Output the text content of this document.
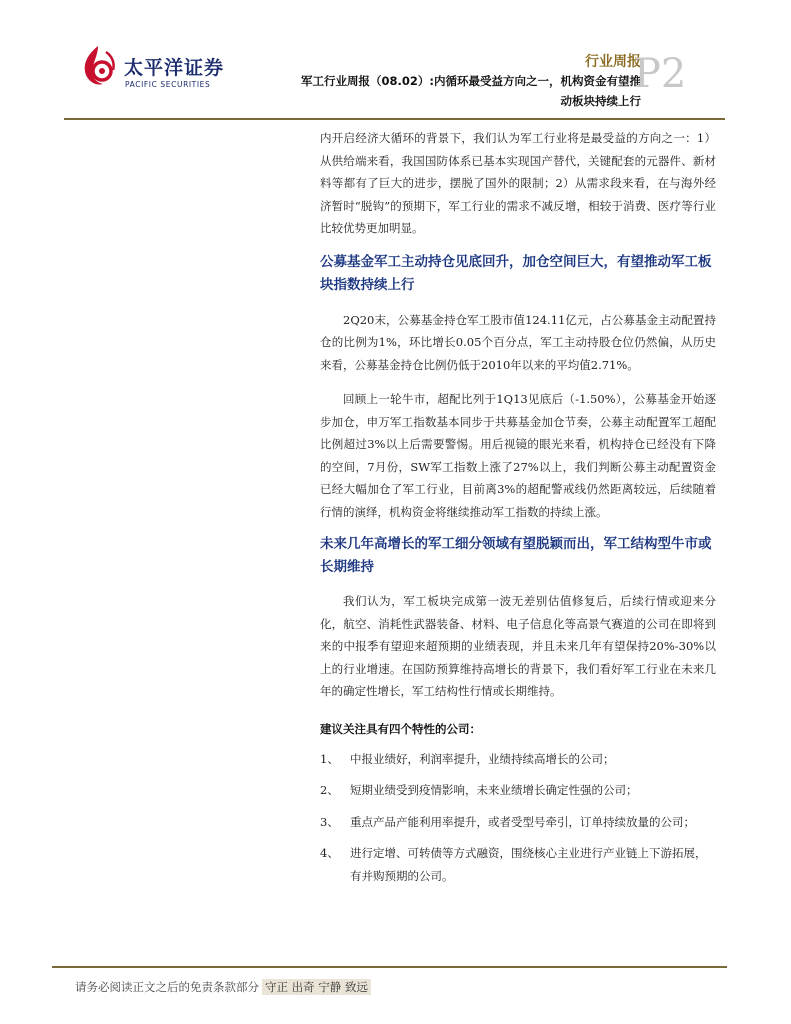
太平洋证券
PACIFIC SECURITIES
行业周报
军工行业周报（08.02）:内循环最受益方向之一，机构资金有望推
动板块持续上行
P2

内开启经济大循环的背景下，我们认为军工行业将是最受益的方向之一：1）从供给端来看，我国国防体系已基本实现国产替代，关键配套的元器件、新材料等都有了巨大的进步，摆脱了国外的限制；2）从需求段来看，在与海外经济暂时“脱钩”的预期下，军工行业的需求不减反增，相较于消费、医疗等行业比较优势更加明显。

公募基金军工主动持仓见底回升，加仓空间巨大，有望推动军工板块指数持续上行

2Q20末，公募基金持仓军工股市值124.11亿元，占公募基金主动配置持仓的比例为1%，环比增长0.05个百分点，军工主动持股仓位仍然偏，从历史来看，公募基金持仓比例仍低于2010年以来的平均值2.71%。

回顾上一轮牛市，超配比列于1Q13见底后（-1.50%），公募基金开始逐步加仓，申万军工指数基本同步于共募基金加仓节奏，公募主动配置军工超配比例超过3%以上后需要警惕。用后视镜的眼光来看，机构持仓已经没有下降的空间，7月份，SW军工指数上涨了27%以上，我们判断公募主动配置资金已经大幅加仓了军工行业，目前离3%的超配警戒线仍然距离较远，后续随着行情的演绎，机构资金将继续推动军工指数的持续上涨。

未来几年高增长的军工细分领域有望脱颖而出，军工结构型牛市或长期维持

我们认为，军工板块完成第一波无差别估值修复后，后续行情或迎来分化，航空、消耗性武器装备、材料、电子信息化等高景气赛道的公司在即将到来的中报季有望迎来超预期的业绩表现，并且未来几年有望保持20%-30%以上的行业增速。在国防预算维持高增长的背景下，我们看好军工行业在未来几年的确定性增长，军工结构性行情或长期维持。

建议关注具有四个特性的公司：

1、 中报业绩好，利润率提升，业绩持续高增长的公司；

2、 短期业绩受到疫情影响，未来业绩增长确定性强的公司；

3、 重点产品产能利用率提升，或者受型号牵引，订单持续放量的公司；

4、 进行定增、可转债等方式融资，围绕核心主业进行产业链上下游拓展，有并购预期的公司。

请务必阅读正文之后的免责条款部分 守正 出奇 宁静 致远
